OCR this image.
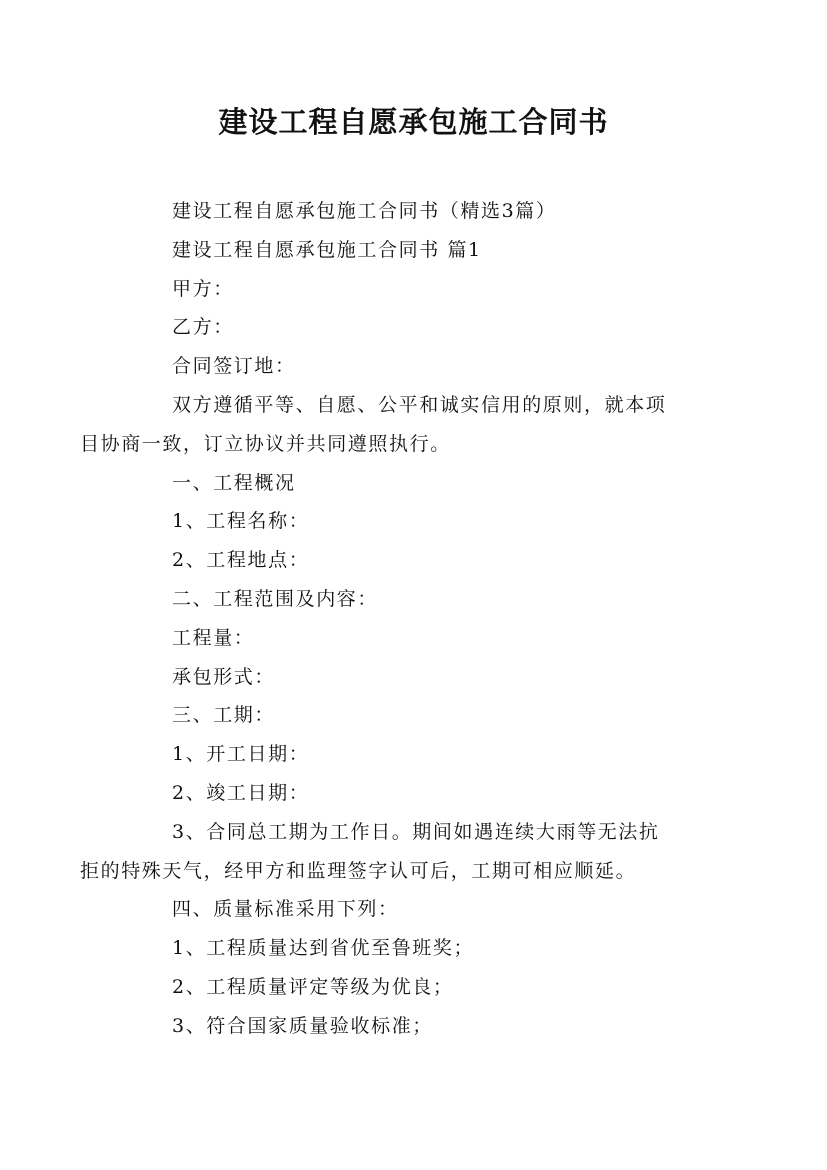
建设工程自愿承包施工合同书

建设工程自愿承包施工合同书（精选3篇）

建设工程自愿承包施工合同书 篇1

甲方：

乙方：

合同签订地：

双方遵循平等、自愿、公平和诚实信用的原则，就本项
目协商一致，订立协议并共同遵照执行。

一、工程概况

1、工程名称：

2、工程地点：

二、工程范围及内容：

工程量：

承包形式：

三、工期：

1、开工日期：

2、竣工日期：

3、合同总工期为工作日。期间如遇连续大雨等无法抗
拒的特殊天气，经甲方和监理签字认可后，工期可相应顺延。

四、质量标准采用下列：

1、工程质量达到省优至鲁班奖；

2、工程质量评定等级为优良；

3、符合国家质量验收标准；
